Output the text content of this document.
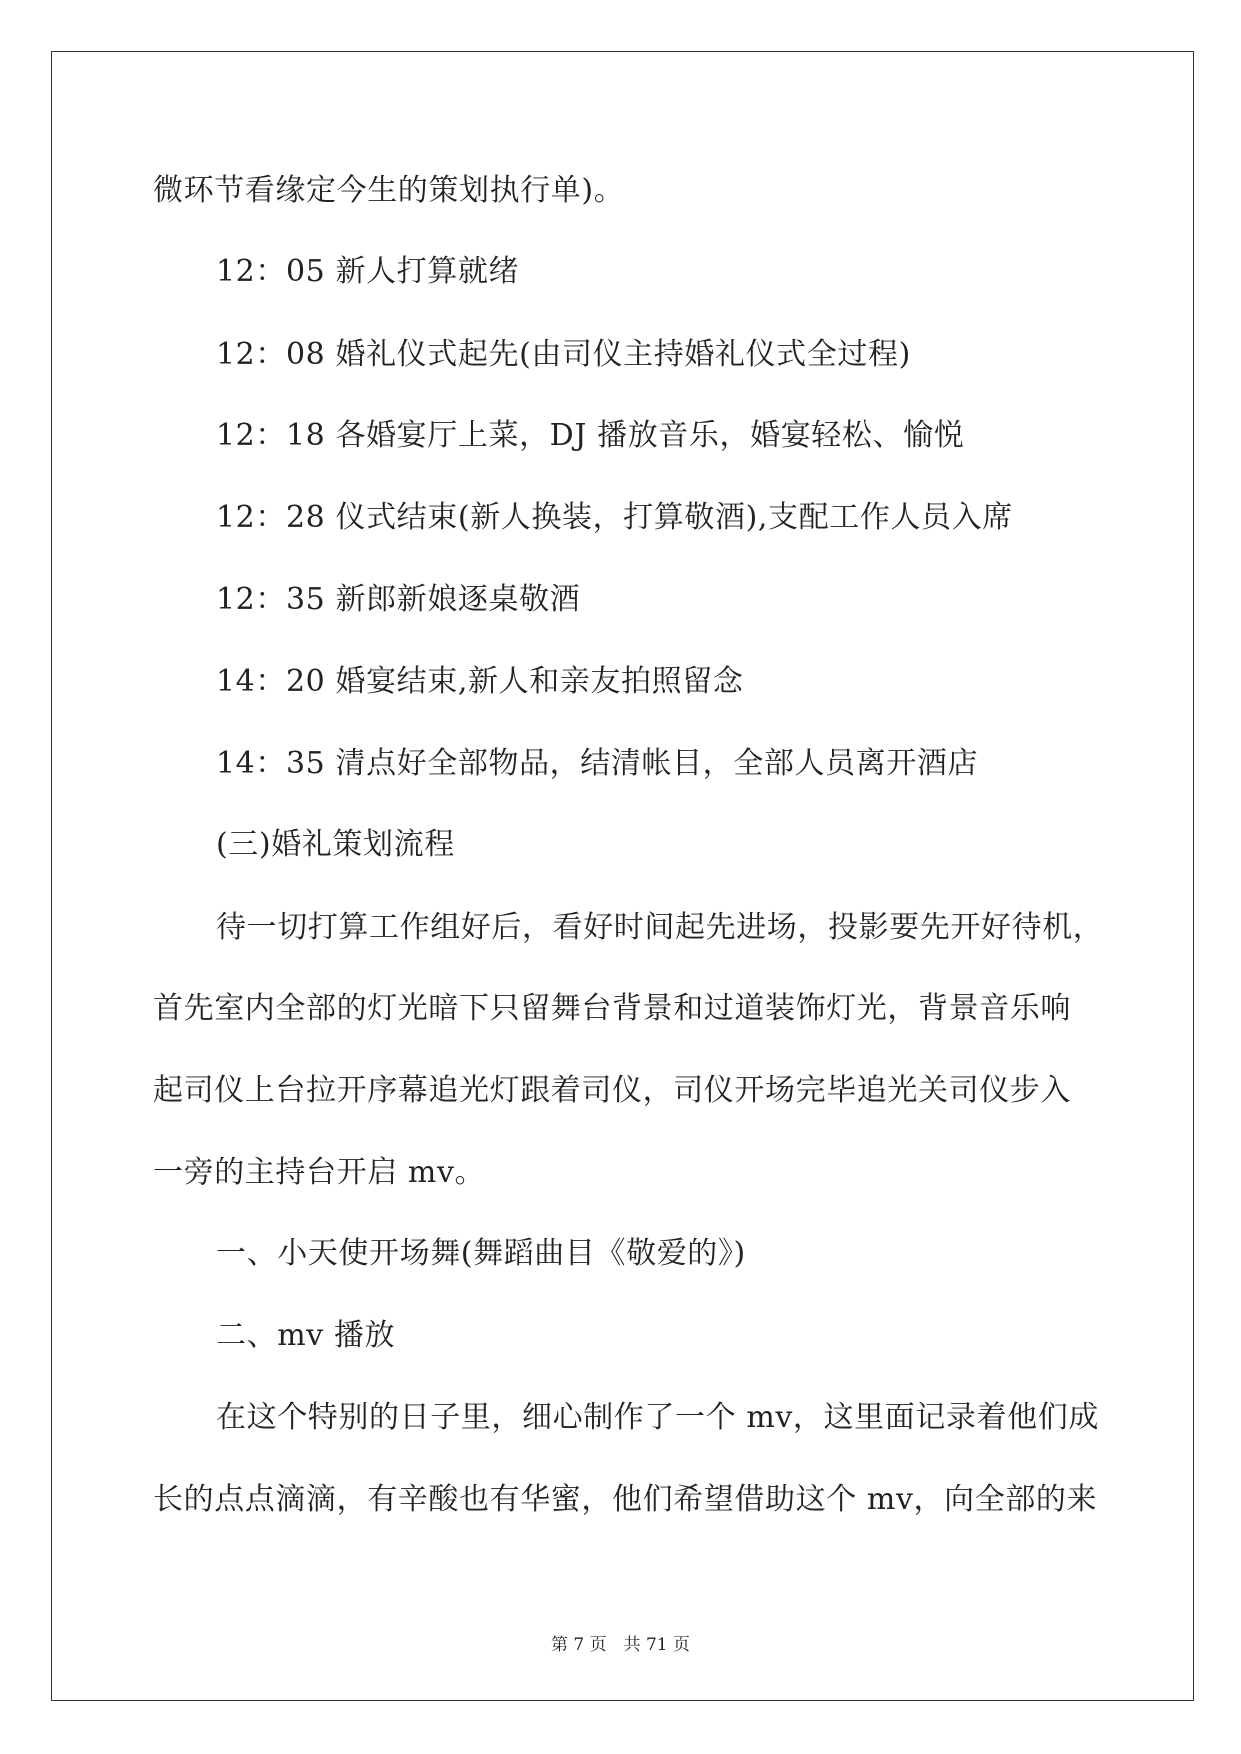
微环节看缘定今生的策划执行单)。
12：05 新人打算就绪
12：08 婚礼仪式起先(由司仪主持婚礼仪式全过程)
12：18 各婚宴厅上菜，DJ 播放音乐，婚宴轻松、愉悦
12：28 仪式结束(新人换装，打算敬酒),支配工作人员入席
12：35 新郎新娘逐桌敬酒
14：20 婚宴结束,新人和亲友拍照留念
14：35 清点好全部物品，结清帐目，全部人员离开酒店
(三)婚礼策划流程
待一切打算工作组好后，看好时间起先进场，投影要先开好待机，
首先室内全部的灯光暗下只留舞台背景和过道装饰灯光，背景音乐响
起司仪上台拉开序幕追光灯跟着司仪，司仪开场完毕追光关司仪步入
一旁的主持台开启 mv。
一、小天使开场舞(舞蹈曲目《敬爱的》)
二、mv 播放
在这个特别的日子里，细心制作了一个 mv，这里面记录着他们成
长的点点滴滴，有辛酸也有华蜜，他们希望借助这个 mv，向全部的来
第 7 页　共 71 页
